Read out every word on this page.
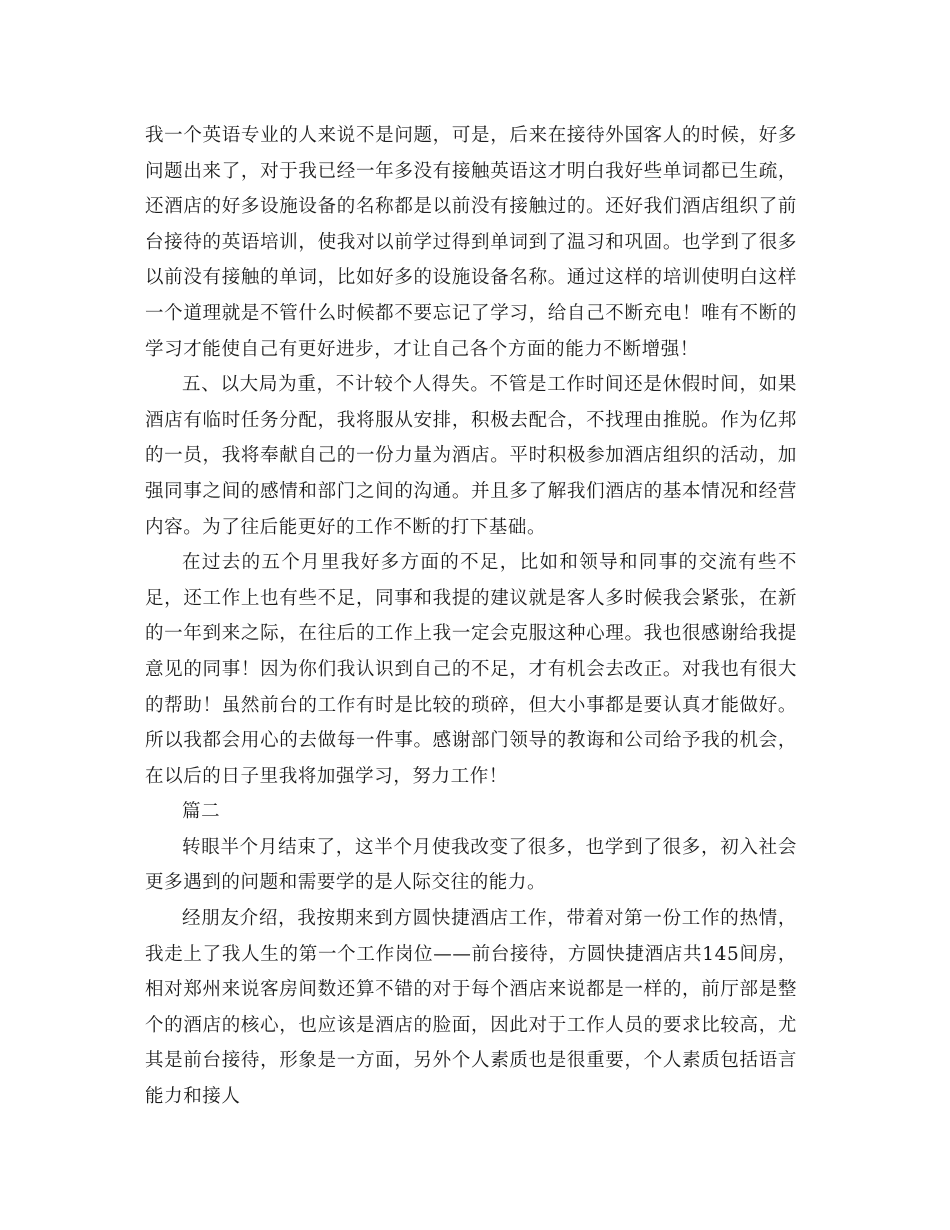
我一个英语专业的人来说不是问题，可是，后来在接待外国客人的时候，好多问题出来了，对于我已经一年多没有接触英语这才明白我好些单词都已生疏，还酒店的好多设施设备的名称都是以前没有接触过的。还好我们酒店组织了前台接待的英语培训，使我对以前学过得到单词到了温习和巩固。也学到了很多以前没有接触的单词，比如好多的设施设备名称。通过这样的培训使明白这样一个道理就是不管什么时候都不要忘记了学习，给自己不断充电！唯有不断的学习才能使自己有更好进步，才让自己各个方面的能力不断增强！

五、以大局为重，不计较个人得失。不管是工作时间还是休假时间，如果酒店有临时任务分配，我将服从安排，积极去配合，不找理由推脱。作为亿邦的一员，我将奉献自己的一份力量为酒店。平时积极参加酒店组织的活动，加强同事之间的感情和部门之间的沟通。并且多了解我们酒店的基本情况和经营内容。为了往后能更好的工作不断的打下基础。

在过去的五个月里我好多方面的不足，比如和领导和同事的交流有些不足，还工作上也有些不足，同事和我提的建议就是客人多时候我会紧张，在新的一年到来之际，在往后的工作上我一定会克服这种心理。我也很感谢给我提意见的同事！因为你们我认识到自己的不足，才有机会去改正。对我也有很大的帮助！虽然前台的工作有时是比较的琐碎，但大小事都是要认真才能做好。所以我都会用心的去做每一件事。感谢部门领导的教诲和公司给予我的机会，在以后的日子里我将加强学习，努力工作！

篇二

转眼半个月结束了，这半个月使我改变了很多，也学到了很多，初入社会更多遇到的问题和需要学的是人际交往的能力。

经朋友介绍，我按期来到方圆快捷酒店工作，带着对第一份工作的热情，我走上了我人生的第一个工作岗位——前台接待，方圆快捷酒店共145间房，相对郑州来说客房间数还算不错的对于每个酒店来说都是一样的，前厅部是整个的酒店的核心，也应该是酒店的脸面，因此对于工作人员的要求比较高，尤其是前台接待，形象是一方面，另外个人素质也是很重要，个人素质包括语言能力和接人
